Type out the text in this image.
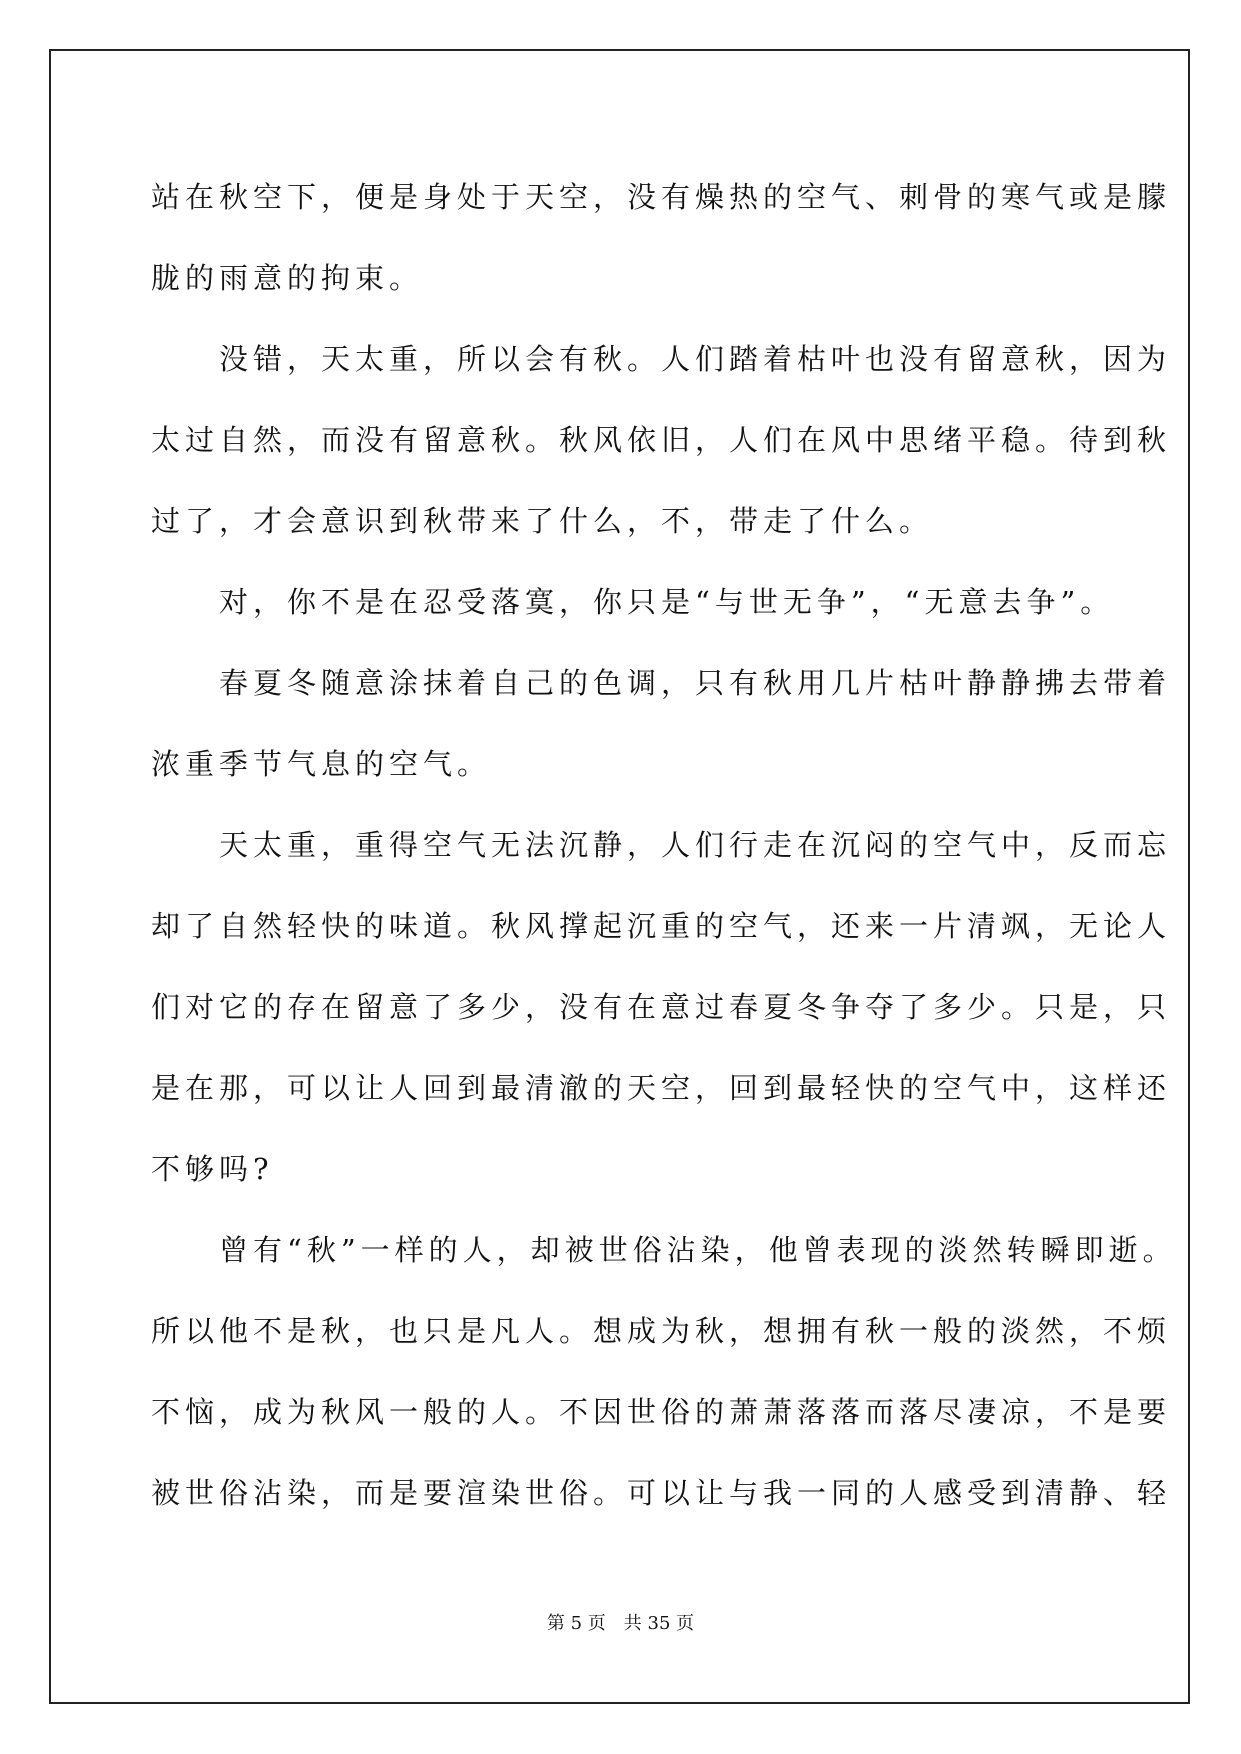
站在秋空下，便是身处于天空，没有燥热的空气、刺骨的寒气或是朦
胧的雨意的拘束。
　　没错，天太重，所以会有秋。人们踏着枯叶也没有留意秋，因为
太过自然，而没有留意秋。秋风依旧，人们在风中思绪平稳。待到秋
过了，才会意识到秋带来了什么，不，带走了什么。
　　对，你不是在忍受落寞，你只是“与世无争”，“无意去争”。
　　春夏冬随意涂抹着自己的色调，只有秋用几片枯叶静静拂去带着
浓重季节气息的空气。
　　天太重，重得空气无法沉静，人们行走在沉闷的空气中，反而忘
却了自然轻快的味道。秋风撑起沉重的空气，还来一片清飒，无论人
们对它的存在留意了多少，没有在意过春夏冬争夺了多少。只是，只
是在那，可以让人回到最清澈的天空，回到最轻快的空气中，这样还
不够吗?
　　曾有“秋”一样的人，却被世俗沾染，他曾表现的淡然转瞬即逝。
所以他不是秋，也只是凡人。想成为秋，想拥有秋一般的淡然，不烦
不恼，成为秋风一般的人。不因世俗的萧萧落落而落尽凄凉，不是要
被世俗沾染，而是要渲染世俗。可以让与我一同的人感受到清静、轻
第 5 页　共 35 页
